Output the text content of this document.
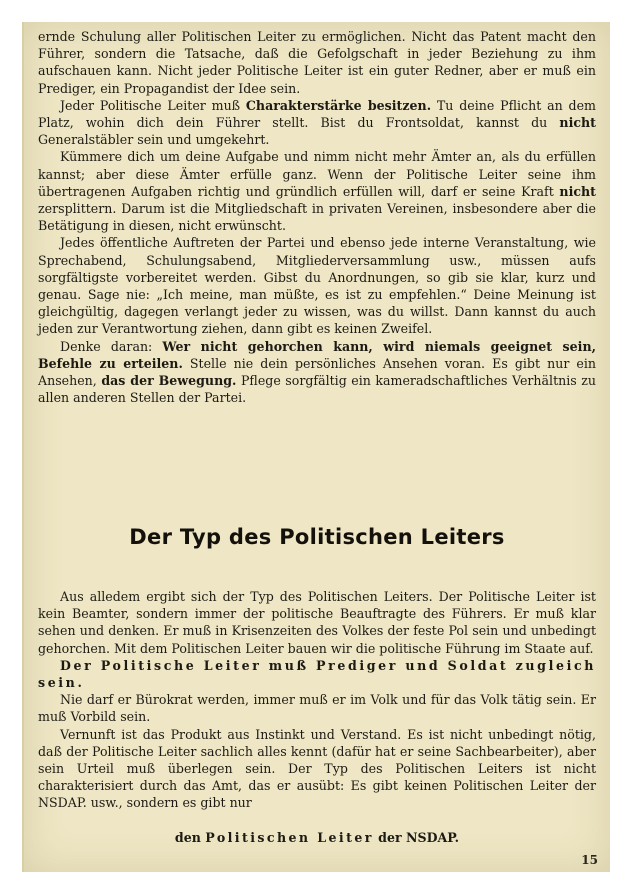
ernde Schulung aller Politischen Leiter zu ermöglichen. Nicht das Patent macht den Führer, sondern die Tatsache, daß die Gefolgschaft in jeder Beziehung zu ihm aufschauen kann. Nicht jeder Politische Leiter ist ein guter Redner, aber er muß ein Prediger, ein Propagandist der Idee sein.

Jeder Politische Leiter muß Charakterstärke besitzen. Tu deine Pflicht an dem Platz, wohin dich dein Führer stellt. Bist du Frontsoldat, kannst du nicht Generalstäbler sein und umgekehrt.

Kümmere dich um deine Aufgabe und nimm nicht mehr Ämter an, als du erfüllen kannst; aber diese Ämter erfülle ganz. Wenn der Politische Leiter seine ihm übertragenen Aufgaben richtig und gründlich erfüllen will, darf er seine Kraft nicht zersplittern. Darum ist die Mitgliedschaft in privaten Vereinen, insbesondere aber die Betätigung in diesen, nicht erwünscht.

Jedes öffentliche Auftreten der Partei und ebenso jede interne Veranstaltung, wie Sprechabend, Schulungsabend, Mitgliederversammlung usw., müssen aufs sorgfältigste vorbereitet werden. Gibst du Anordnungen, so gib sie klar, kurz und genau. Sage nie: „Ich meine, man müßte, es ist zu empfehlen.“ Deine Meinung ist gleichgültig, dagegen verlangt jeder zu wissen, was du willst. Dann kannst du auch jeden zur Verantwortung ziehen, dann gibt es keinen Zweifel.

Denke daran: Wer nicht gehorchen kann, wird niemals geeignet sein, Befehle zu erteilen. Stelle nie dein persönliches Ansehen voran. Es gibt nur ein Ansehen, das der Bewegung. Pflege sorgfältig ein kameradschaftliches Verhältnis zu allen anderen Stellen der Partei.

Der Typ des Politischen Leiters

Aus alledem ergibt sich der Typ des Politischen Leiters. Der Politische Leiter ist kein Beamter, sondern immer der politische Beauftragte des Führers. Er muß klar sehen und denken. Er muß in Krisenzeiten des Volkes der feste Pol sein und unbedingt gehorchen. Mit dem Politischen Leiter bauen wir die politische Führung im Staate auf.

Der Politische Leiter muß Prediger und Soldat zugleich sein.

Nie darf er Bürokrat werden, immer muß er im Volk und für das Volk tätig sein. Er muß Vorbild sein.

Vernunft ist das Produkt aus Instinkt und Verstand. Es ist nicht unbedingt nötig, daß der Politische Leiter sachlich alles kennt (dafür hat er seine Sachbearbeiter), aber sein Urteil muß überlegen sein. Der Typ des Politischen Leiters ist nicht charakterisiert durch das Amt, das er ausübt: Es gibt keinen Politischen Leiter der NSDAP. usw., sondern es gibt nur

den Politischen Leiter der NSDAP.
15
